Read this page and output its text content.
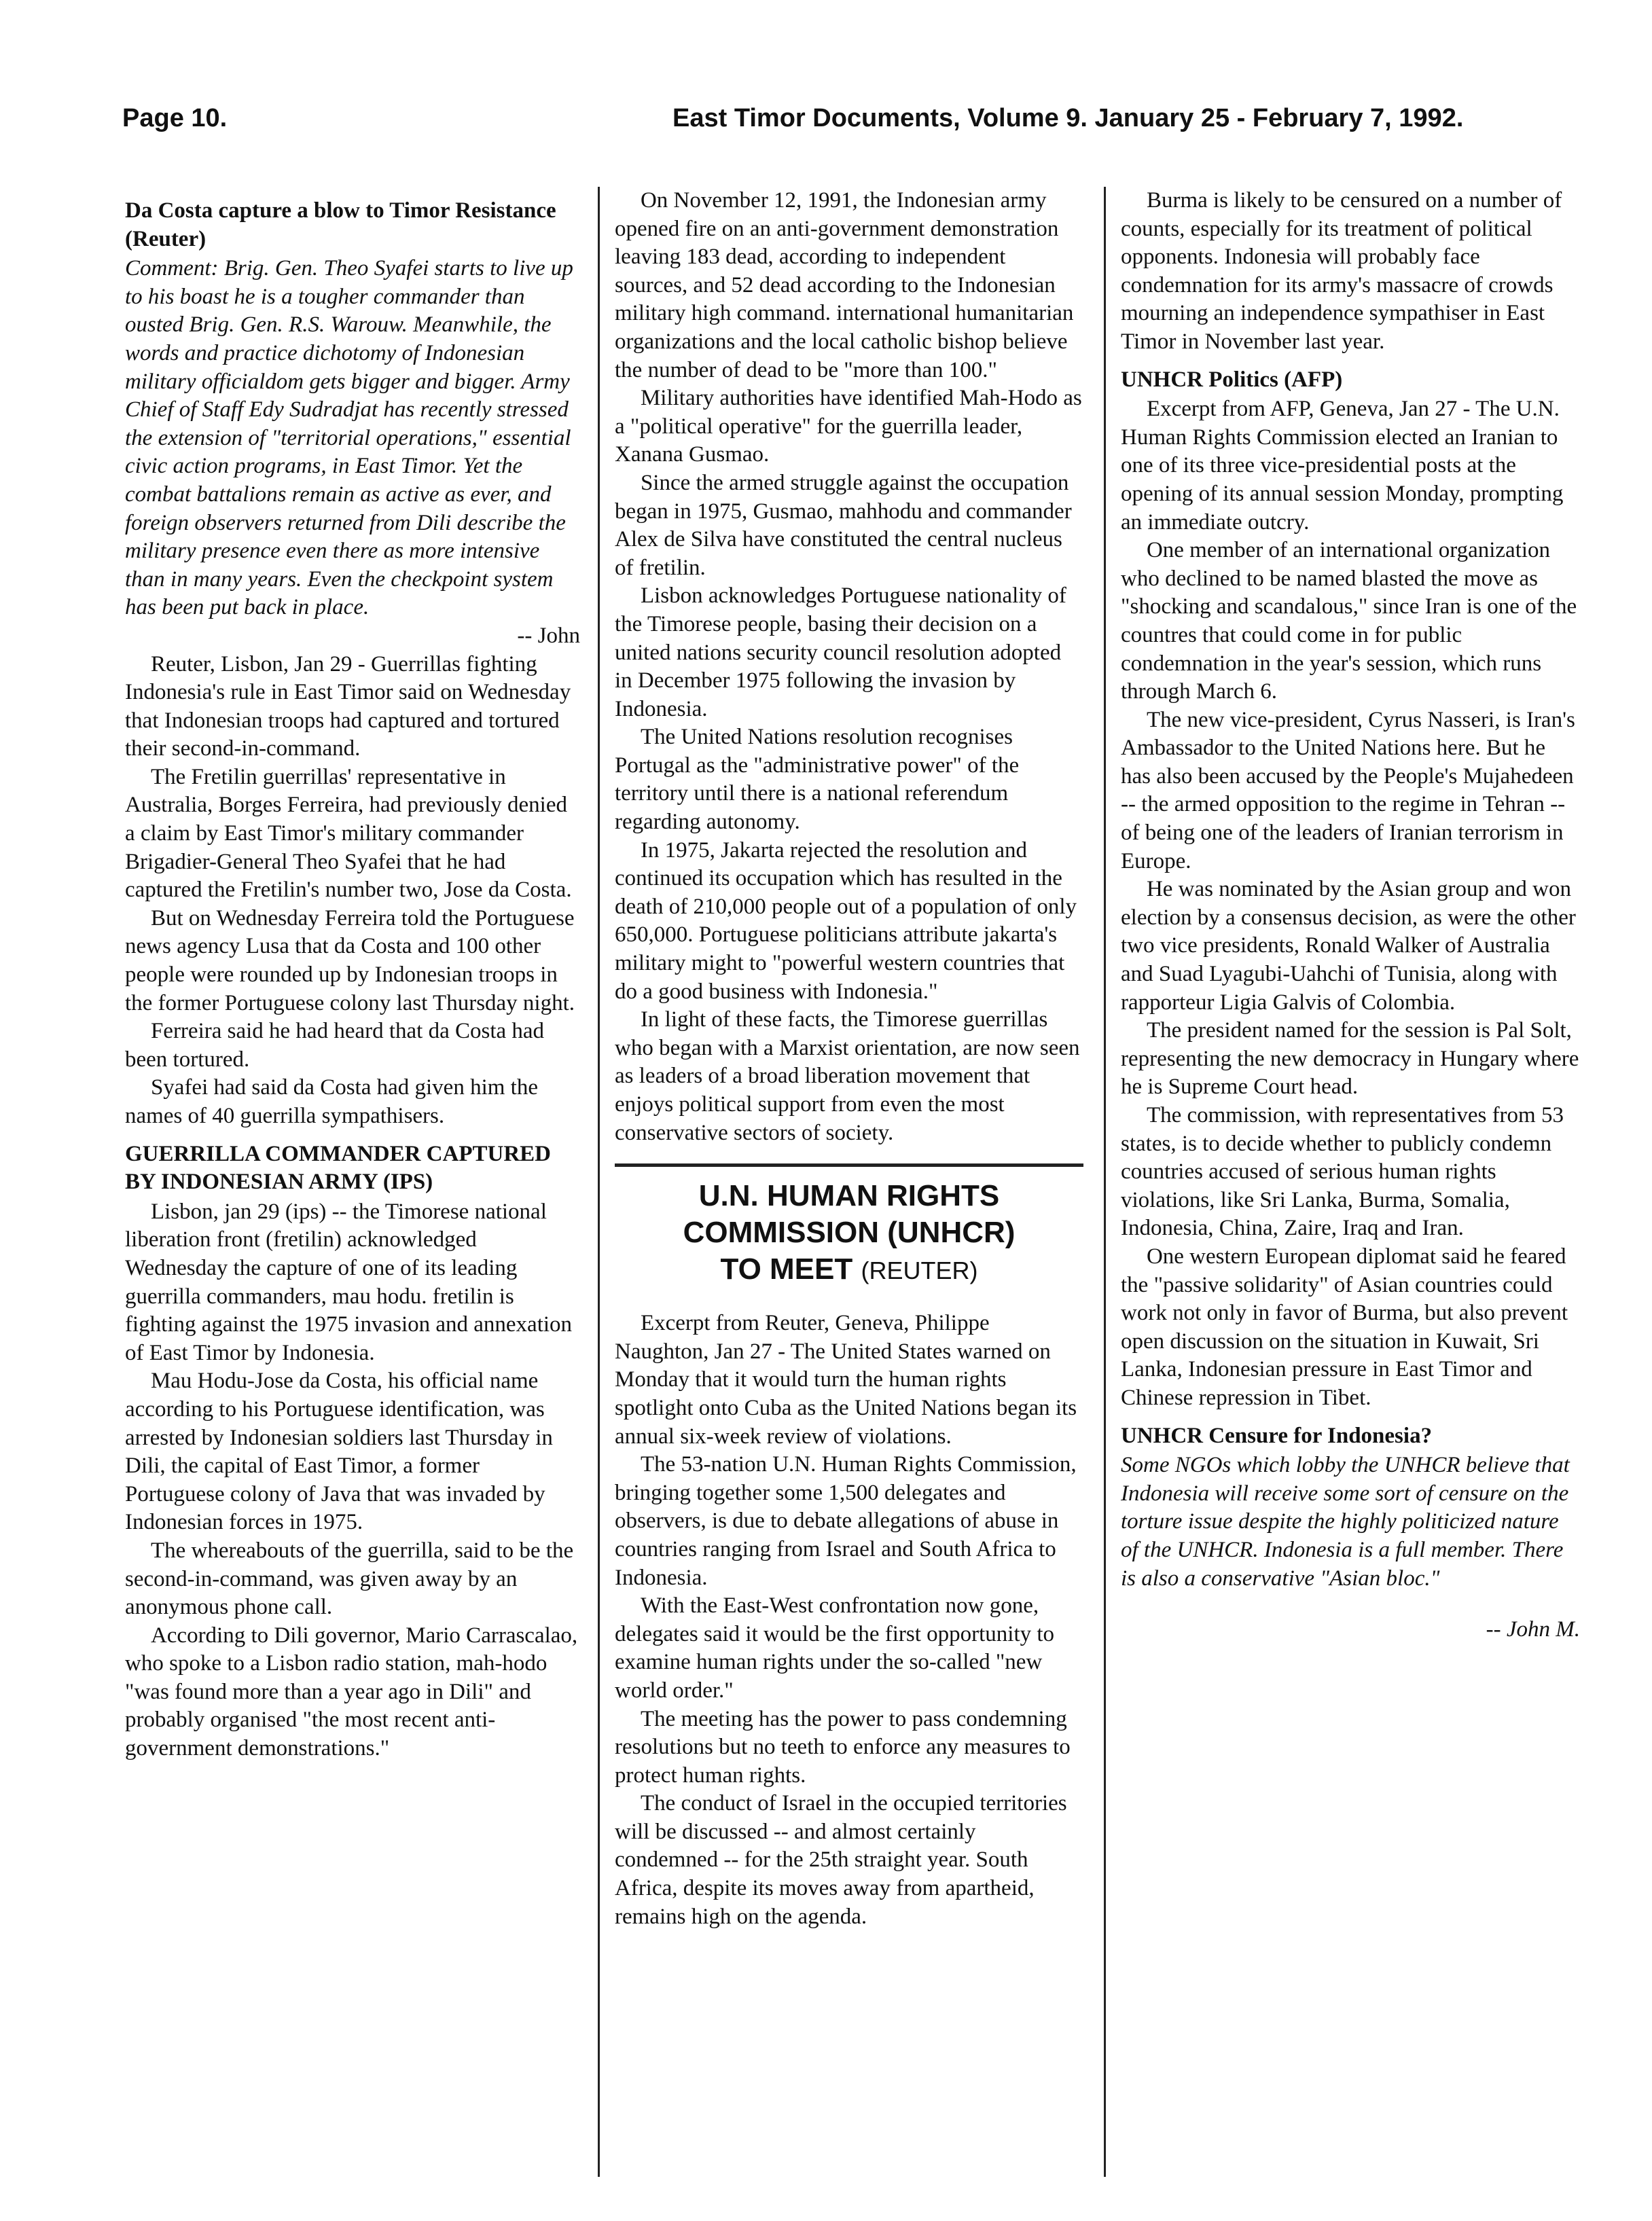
Page 10.	East Timor Documents, Volume 9. January 25 - February 7, 1992.
Da Costa capture a blow to Timor Resistance (Reuter)

Comment: Brig. Gen. Theo Syafei starts to live up to his boast he is a tougher commander than ousted Brig. Gen. R.S. Warouw. Meanwhile, the words and practice dichotomy of Indonesian military officialdom gets bigger and bigger. Army Chief of Staff Edy Sudradjat has recently stressed the extension of "territorial operations," essential civic action programs, in East Timor. Yet the combat battalions remain as active as ever, and foreign observers returned from Dili describe the military presence even there as more intensive than in many years. Even the checkpoint system has been put back in place.

-- John

Reuter, Lisbon, Jan 29 - Guerrillas fighting Indonesia's rule in East Timor said on Wednesday that Indonesian troops had captured and tortured their second-in-command.

The Fretilin guerrillas' representative in Australia, Borges Ferreira, had previously denied a claim by East Timor's military commander Brigadier-General Theo Syafei that he had captured the Fretilin's number two, Jose da Costa.

But on Wednesday Ferreira told the Portuguese news agency Lusa that da Costa and 100 other people were rounded up by Indonesian troops in the former Portuguese colony last Thursday night.

Ferreira said he had heard that da Costa had been tortured.

Syafei had said da Costa had given him the names of 40 guerrilla sympathisers.

GUERRILLA COMMANDER CAPTURED BY INDONESIAN ARMY (IPS)

Lisbon, jan 29 (ips) -- the Timorese national liberation front (fretilin) acknowledged Wednesday the capture of one of its leading guerrilla commanders, mau hodu. fretilin is fighting against the 1975 invasion and annexation of East Timor by Indonesia.

Mau Hodu-Jose da Costa, his official name according to his Portuguese identification, was arrested by Indonesian soldiers last Thursday in Dili, the capital of East Timor, a former Portuguese colony of Java that was invaded by Indonesian forces in 1975.

The whereabouts of the guerrilla, said to be the second-in-command, was given away by an anonymous phone call.

According to Dili governor, Mario Carrascalao, who spoke to a Lisbon radio station, mah-hodo "was found more than a year ago in Dili" and probably organised "the most recent anti-government demonstrations."

On November 12, 1991, the Indonesian army opened fire on an anti-government demonstration leaving 183 dead, according to independent sources, and 52 dead according to the Indonesian military high command. international humanitarian organizations and the local catholic bishop believe the number of dead to be "more than 100."

Military authorities have identified Mah-Hodo as a "political operative" for the guerrilla leader, Xanana Gusmao.

Since the armed struggle against the occupation began in 1975, Gusmao, mahhodu and commander Alex de Silva have constituted the central nucleus of fretilin.

Lisbon acknowledges Portuguese nationality of the Timorese people, basing their decision on a united nations security council resolution adopted in December 1975 following the invasion by Indonesia.

The United Nations resolution recognises Portugal as the "administrative power" of the territory until there is a national referendum regarding autonomy.

In 1975, Jakarta rejected the resolution and continued its occupation which has resulted in the death of 210,000 people out of a population of only 650,000. Portuguese politicians attribute jakarta's military might to "powerful western countries that do a good business with Indonesia."

In light of these facts, the Timorese guerrillas who began with a Marxist orientation, are now seen as leaders of a broad liberation movement that enjoys political support from even the most conservative sectors of society.

U.N. HUMAN RIGHTS COMMISSION (UNHCR)
TO MEET (REUTER)

Excerpt from Reuter, Geneva, Philippe Naughton, Jan 27 - The United States warned on Monday that it would turn the human rights spotlight onto Cuba as the United Nations began its annual six-week review of violations.

The 53-nation U.N. Human Rights Commission, bringing together some 1,500 delegates and observers, is due to debate allegations of abuse in countries ranging from Israel and South Africa to Indonesia.

With the East-West confrontation now gone, delegates said it would be the first opportunity to examine human rights under the so-called "new world order."

The meeting has the power to pass condemning resolutions but no teeth to enforce any measures to protect human rights.

The conduct of Israel in the occupied territories will be discussed -- and almost certainly condemned -- for the 25th straight year. South Africa, despite its moves away from apartheid, remains high on the agenda.

Burma is likely to be censured on a number of counts, especially for its treatment of political opponents. Indonesia will probably face condemnation for its army's massacre of crowds mourning an independence sympathiser in East Timor in November last year.

UNHCR Politics (AFP)

Excerpt from AFP, Geneva, Jan 27 - The U.N. Human Rights Commission elected an Iranian to one of its three vice-presidential posts at the opening of its annual session Monday, prompting an immediate outcry.

One member of an international organization who declined to be named blasted the move as "shocking and scandalous," since Iran is one of the countres that could come in for public condemnation in the year's session, which runs through March 6.

The new vice-president, Cyrus Nasseri, is Iran's Ambassador to the United Nations here. But he has also been accused by the People's Mujahedeen -- the armed opposition to the regime in Tehran -- of being one of the leaders of Iranian terrorism in Europe.

He was nominated by the Asian group and won election by a consensus decision, as were the other two vice presidents, Ronald Walker of Australia and Suad Lyagubi-Uahchi of Tunisia, along with rapporteur Ligia Galvis of Colombia.

The president named for the session is Pal Solt, representing the new democracy in Hungary where he is Supreme Court head.

The commission, with representatives from 53 states, is to decide whether to publicly condemn countries accused of serious human rights violations, like Sri Lanka, Burma, Somalia, Indonesia, China, Zaire, Iraq and Iran.

One western European diplomat said he feared the "passive solidarity" of Asian countries could work not only in favor of Burma, but also prevent open discussion on the situation in Kuwait, Sri Lanka, Indonesian pressure in East Timor and Chinese repression in Tibet.

UNHCR Censure for Indonesia?

Some NGOs which lobby the UNHCR believe that Indonesia will receive some sort of censure on the torture issue despite the highly politicized nature of the UNHCR. Indonesia is a full member. There is also a conservative "Asian bloc."

-- John M.
